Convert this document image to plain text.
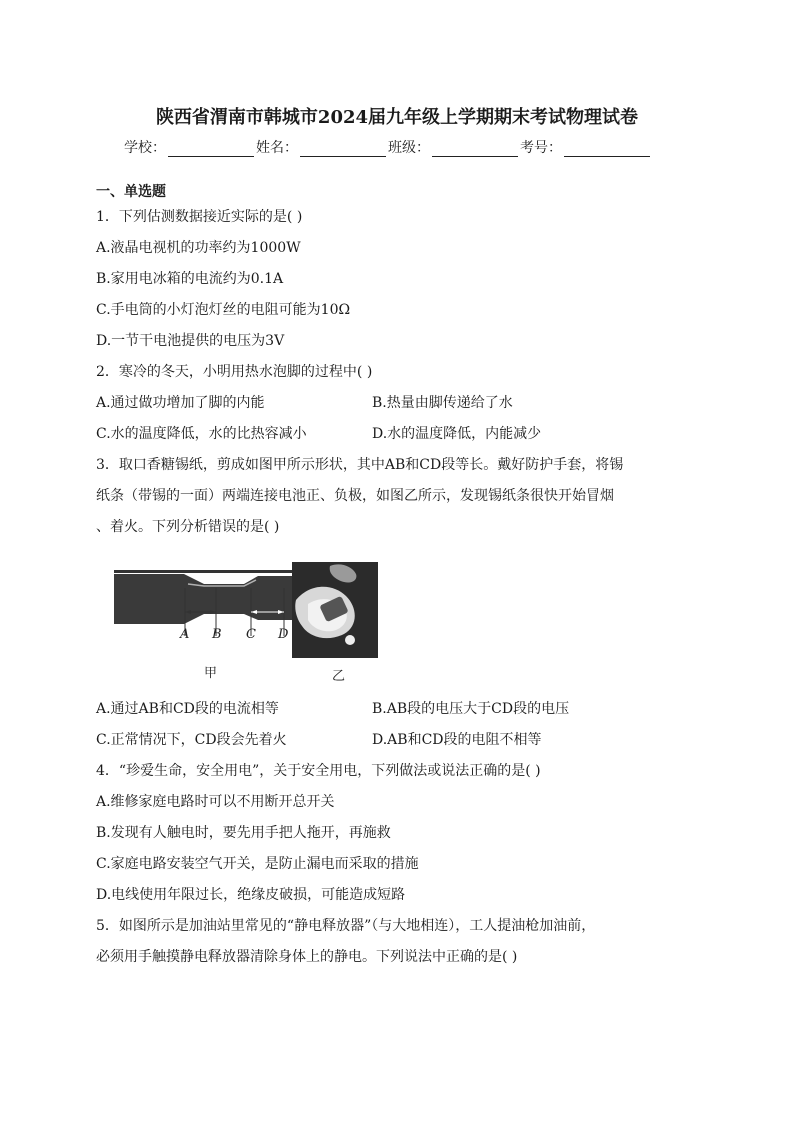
陕西省渭南市韩城市2024届九年级上学期期末考试物理试卷
学校：	姓名：	班级：	考号：
一、单选题
1．下列估测数据接近实际的是( )
A.液晶电视机的功率约为1000W
B.家用电冰箱的电流约为0.1A
C.手电筒的小灯泡灯丝的电阻可能为10Ω
D.一节干电池提供的电压为3V
2．寒冷的冬天，小明用热水泡脚的过程中( )
A.通过做功增加了脚的内能	B.热量由脚传递给了水
C.水的温度降低，水的比热容减小	D.水的温度降低，内能减少
3．取口香糖锡纸，剪成如图甲所示形状，其中AB和CD段等长。戴好防护手套，将锡
纸条（带锡的一面）两端连接电池正、负极，如图乙所示，发现锡纸条很快开始冒烟
、着火。下列分析错误的是( )
A B C D
甲	乙
A.通过AB和CD段的电流相等	B.AB段的电压大于CD段的电压
C.正常情况下，CD段会先着火	D.AB和CD段的电阻不相等
4．“珍爱生命，安全用电”，关于安全用电，下列做法或说法正确的是( )
A.维修家庭电路时可以不用断开总开关
B.发现有人触电时，要先用手把人拖开，再施救
C.家庭电路安装空气开关，是防止漏电而采取的措施
D.电线使用年限过长，绝缘皮破损，可能造成短路
5．如图所示是加油站里常见的“静电释放器”（与大地相连），工人提油枪加油前，
必须用手触摸静电释放器清除身体上的静电。下列说法中正确的是( )
